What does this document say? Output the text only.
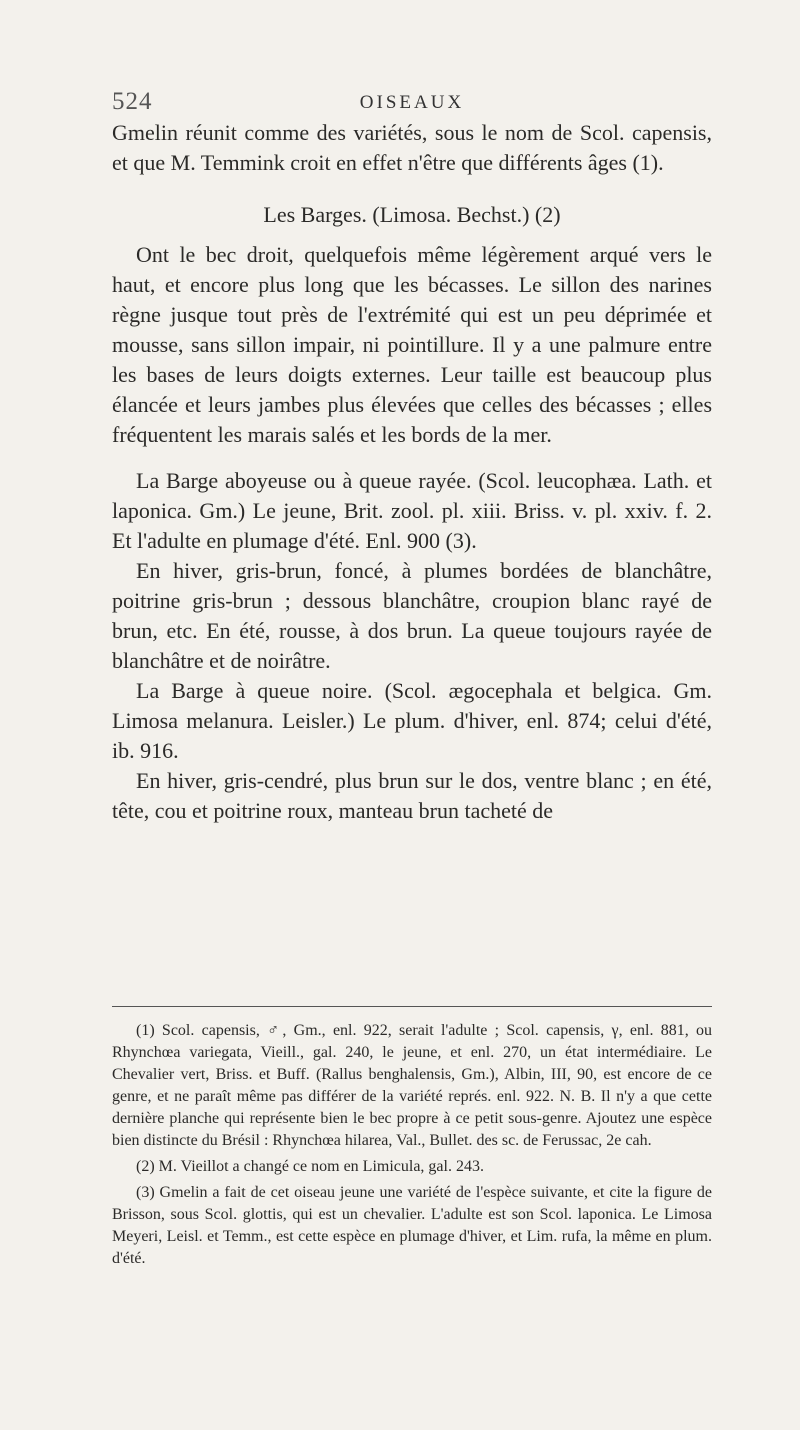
524	OISEAUX

Gmelin réunit comme des variétés, sous le nom de Scol. capensis, et que M. Temmink croit en effet n'être que différents âges (1).

Les Barges. (Limosa. Bechst.) (2)

Ont le bec droit, quelquefois même légèrement arqué vers le haut, et encore plus long que les bécasses. Le sillon des narines règne jusque tout près de l'extrémité qui est un peu déprimée et mousse, sans sillon impair, ni pointillure. Il y a une palmure entre les bases de leurs doigts externes. Leur taille est beaucoup plus élancée et leurs jambes plus élevées que celles des bécasses ; elles fréquentent les marais salés et les bords de la mer.

La Barge aboyeuse ou à queue rayée. (Scol. leucophæa. Lath. et laponica. Gm.) Le jeune, Brit. zool. pl. xiii. Briss. v. pl. xxiv. f. 2. Et l'adulte en plumage d'été. Enl. 900 (3).

En hiver, gris-brun, foncé, à plumes bordées de blanchâtre, poitrine gris-brun ; dessous blanchâtre, croupion blanc rayé de brun, etc. En été, rousse, à dos brun. La queue toujours rayée de blanchâtre et de noirâtre.

La Barge à queue noire. (Scol. ægocephala et belgica. Gm. Limosa melanura. Leisler.) Le plum. d'hiver, enl. 874; celui d'été, ib. 916.

En hiver, gris-cendré, plus brun sur le dos, ventre blanc ; en été, tête, cou et poitrine roux, manteau brun tacheté de

(1) Scol. capensis, ♂, Gm., enl. 922, serait l'adulte ; Scol. capensis, γ, enl. 881, ou Rhynchœa variegata, Vieill., gal. 240, le jeune, et enl. 270, un état intermédiaire. Le Chevalier vert, Briss. et Buff. (Rallus benghalensis, Gm.), Albin, III, 90, est encore de ce genre, et ne paraît même pas différer de la variété représ. enl. 922. N. B. Il n'y a que cette dernière planche qui représente bien le bec propre à ce petit sous-genre. Ajoutez une espèce bien distincte du Brésil : Rhynchœa hilarea, Val., Bullet. des sc. de Ferussac, 2e cah.

(2) M. Vieillot a changé ce nom en Limicula, gal. 243.

(3) Gmelin a fait de cet oiseau jeune une variété de l'espèce suivante, et cite la figure de Brisson, sous Scol. glottis, qui est un chevalier. L'adulte est son Scol. laponica. Le Limosa Meyeri, Leisl. et Temm., est cette espèce en plumage d'hiver, et Lim. rufa, la même en plum. d'été.
